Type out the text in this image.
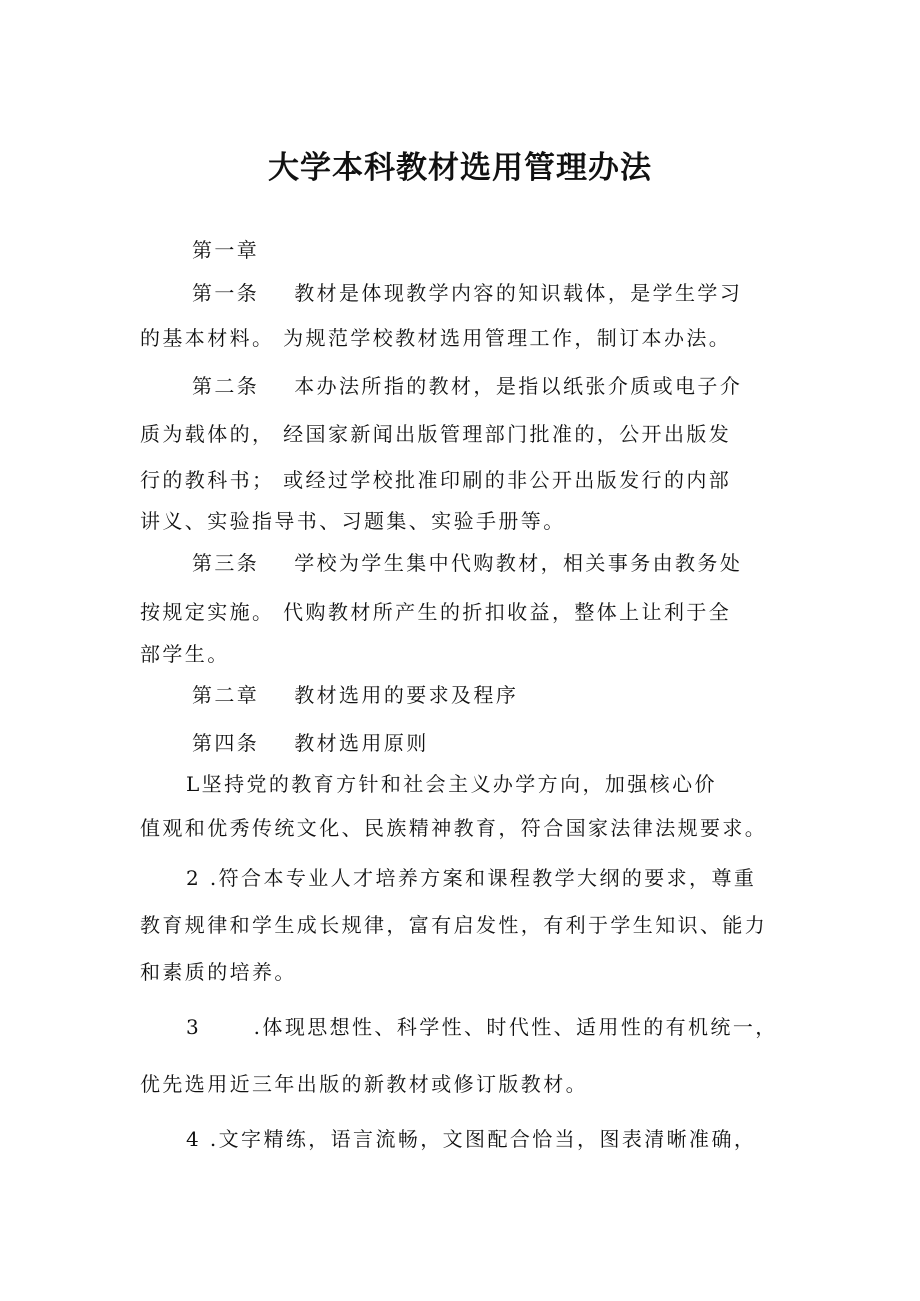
大学本科教材选用管理办法

第一章

第一条    教材是体现教学内容的知识载体，是学生学习

的基本材料。 为规范学校教材选用管理工作，制订本办法。

第二条    本办法所指的教材，是指以纸张介质或电子介

质为载体的， 经国家新闻出版管理部门批准的，公开出版发

行的教科书； 或经过学校批准印刷的非公开出版发行的内部

讲义、实验指导书、习题集、实验手册等。

第三条    学校为学生集中代购教材，相关事务由教务处

按规定实施。 代购教材所产生的折扣收益，整体上让利于全

部学生。

第二章    教材选用的要求及程序

第四条    教材选用原则

L坚持党的教育方针和社会主义办学方向，加强核心价

值观和优秀传统文化、民族精神教育，符合国家法律法规要求。

2 .符合本专业人才培养方案和课程教学大纲的要求，尊重

教育规律和学生成长规律，富有启发性，有利于学生知识、能力

和素质的培养。

3      .体现思想性、科学性、时代性、适用性的有机统一，

优先选用近三年出版的新教材或修订版教材。

4 .文字精练，语言流畅，文图配合恰当，图表清晰准确，
